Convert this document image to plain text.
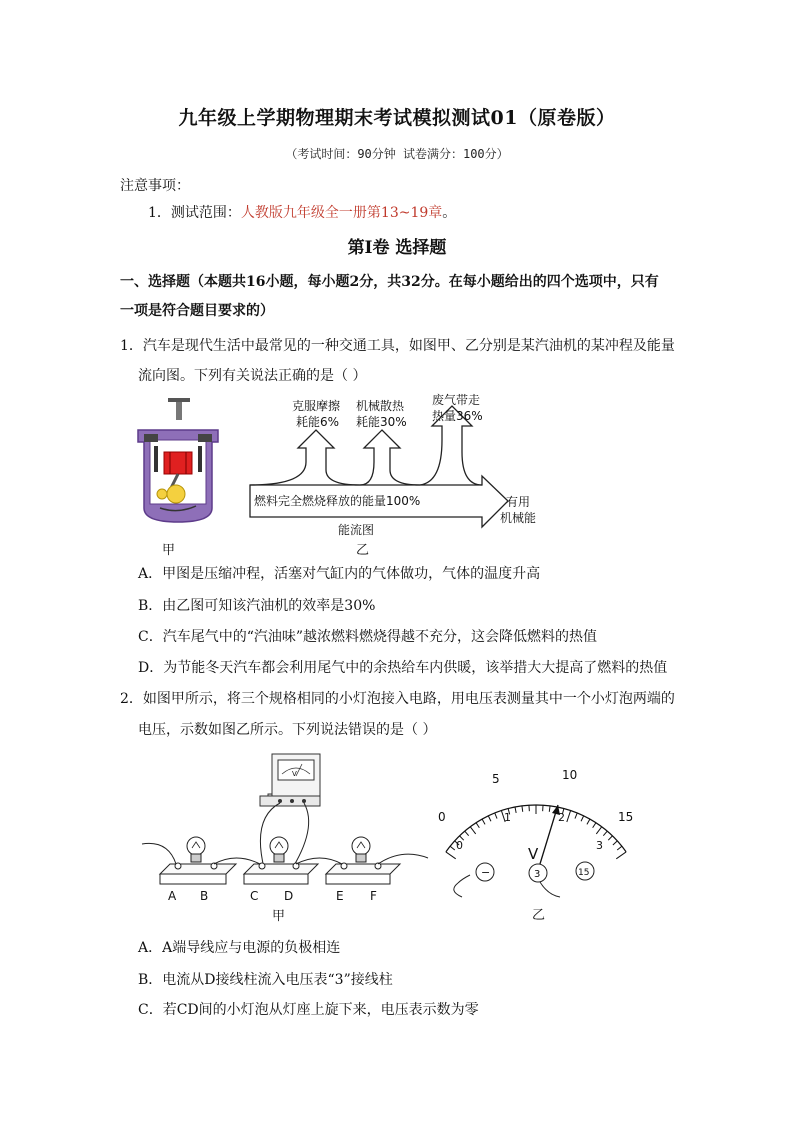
九年级上学期物理期末考试模拟测试01（原卷版）
（考试时间：90分钟 试卷满分：100分）
注意事项：
1．测试范围：人教版九年级全一册第13~19章。
第Ⅰ卷 选择题
一、选择题（本题共16小题，每小题2分，共32分。在每小题给出的四个选项中，只有
一项是符合题目要求的）
1．汽车是现代生活中最常见的一种交通工具，如图甲、乙分别是某汽油机的某冲程及能量
流向图。下列有关说法正确的是（ ）
甲
克服摩擦
耗能6%
机械散热
耗能30%
废气带走
热量36%
燃料完全燃烧释放的能量100%	有用
机械能
能流图
乙
A．甲图是压缩冲程，活塞对气缸内的气体做功，气体的温度升高
B．由乙图可知该汽油机的效率是30%
C．汽车尾气中的“汽油味”越浓燃料燃烧得越不充分，这会降低燃料的热值
D．为节能冬天汽车都会利用尾气中的余热给车内供暖，该举措大大提高了燃料的热值
2．如图甲所示，将三个规格相同的小灯泡接入电路，用电压表测量其中一个小灯泡两端的
电压，示数如图乙所示。下列说法错误的是（ ）
V
A B	C D	E F
甲
0
5	10
15
0
1	2
3
V
−	3	15
乙
A．A端导线应与电源的负极相连
B．电流从D接线柱流入电压表“3”接线柱
C．若CD间的小灯泡从灯座上旋下来，电压表示数为零
